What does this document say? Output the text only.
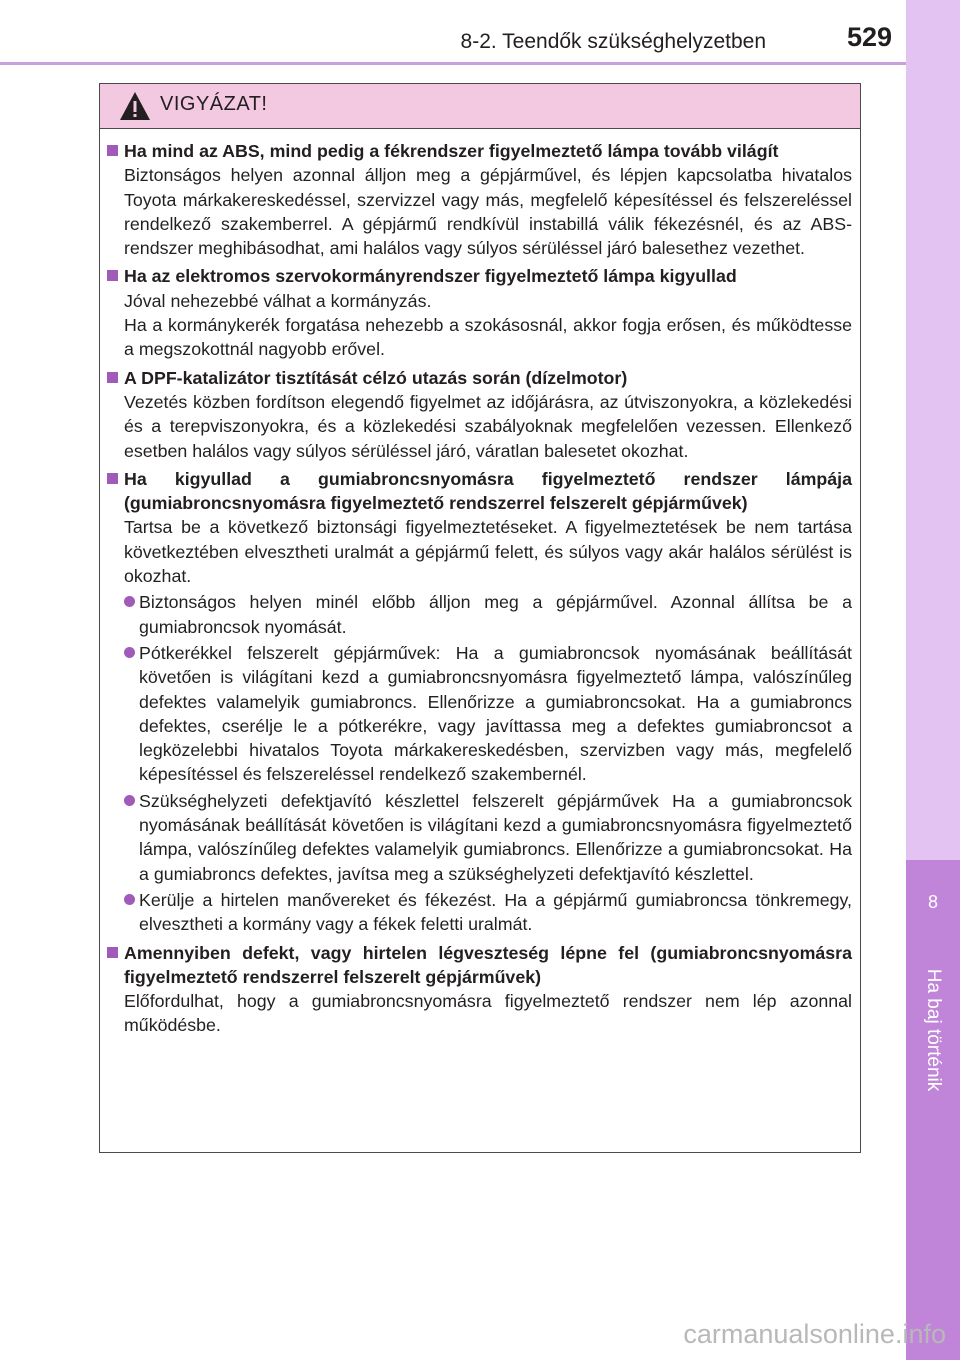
8-2. Teendők szükséghelyzetben	529
8
Ha baj történik
VIGYÁZAT!
Ha mind az ABS, mind pedig a fékrendszer figyelmeztető lámpa tovább világít
Biztonságos helyen azonnal álljon meg a gépjárművel, és lépjen kapcsolatba hivatalos Toyota márkakereskedéssel, szervizzel vagy más, megfelelő képesítéssel és felszereléssel rendelkező szakemberrel. A gépjármű rendkívül instabillá válik fékezésnél, és az ABS-rendszer meghibásodhat, ami halálos vagy súlyos sérüléssel járó balesethez vezethet.
Ha az elektromos szervokormányrendszer figyelmeztető lámpa kigyullad
Jóval nehezebbé válhat a kormányzás.
Ha a kormánykerék forgatása nehezebb a szokásosnál, akkor fogja erősen, és működtesse a megszokottnál nagyobb erővel.
A DPF-katalizátor tisztítását célzó utazás során (dízelmotor)
Vezetés közben fordítson elegendő figyelmet az időjárásra, az útviszonyokra, a közlekedési és a terepviszonyokra, és a közlekedési szabályoknak megfelelően vezessen. Ellenkező esetben halálos vagy súlyos sérüléssel járó, váratlan balesetet okozhat.
Ha kigyullad a gumiabroncsnyomásra figyelmeztető rendszer lámpája (gumiabroncsnyomásra figyelmeztető rendszerrel felszerelt gépjárművek)
Tartsa be a következő biztonsági figyelmeztetéseket. A figyelmeztetések be nem tartása következtében elvesztheti uralmát a gépjármű felett, és súlyos vagy akár halálos sérülést is okozhat.
Biztonságos helyen minél előbb álljon meg a gépjárművel. Azonnal állítsa be a gumiabroncsok nyomását.
Pótkerékkel felszerelt gépjárművek: Ha a gumiabroncsok nyomásának beállítását követően is világítani kezd a gumiabroncsnyomásra figyelmeztető lámpa, valószínűleg defektes valamelyik gumiabroncs. Ellenőrizze a gumiabroncsokat. Ha a gumiabroncs defektes, cserélje le a pótkerékre, vagy javíttassa meg a defektes gumiabroncsot a legközelebbi hivatalos Toyota márkakereskedésben, szervizben vagy más, megfelelő képesítéssel és felszereléssel rendelkező szakembernél.
Szükséghelyzeti defektjavító készlettel felszerelt gépjárművek Ha a gumiabroncsok nyomásának beállítását követően is világítani kezd a gumiabroncsnyomásra figyelmeztető lámpa, valószínűleg defektes valamelyik gumiabroncs. Ellenőrizze a gumiabroncsokat. Ha a gumiabroncs defektes, javítsa meg a szükséghelyzeti defektjavító készlettel.
Kerülje a hirtelen manővereket és fékezést. Ha a gépjármű gumiabroncsa tönkremegy, elvesztheti a kormány vagy a fékek feletti uralmát.
Amennyiben defekt, vagy hirtelen légveszteség lépne fel (gumiabroncsnyomásra figyelmeztető rendszerrel felszerelt gépjárművek)
Előfordulhat, hogy a gumiabroncsnyomásra figyelmeztető rendszer nem lép azonnal működésbe.
carmanualsonline.info
